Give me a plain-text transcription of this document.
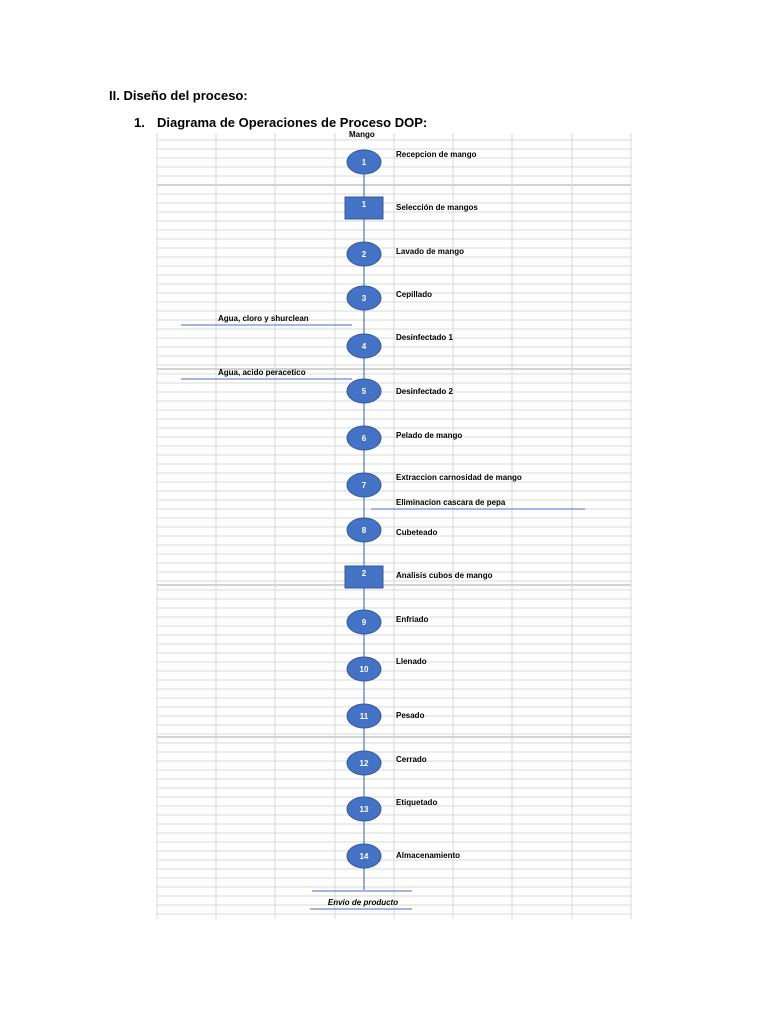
II. Diseño del proceso:
1. Diagrama de Operaciones de Proceso DOP:
Agua, cloro y shurclean
Agua, acido peracetico
Eliminacion cascara de pepa
1
Recepcion de mango
1	Selección de mangos
2	Lavado de mango
3	Cepillado
4
Desinfectado 1
5	Desinfectado 2
6	Pelado de mango
7
Extraccion carnosidad de mango
8	Cubeteado
2	Analisis cubos de mango
9	Enfriado
10
Llenado
11	Pesado
12	Cerrado
13
Etiquetado
14	Almacenamiento
Mango
Envio de producto
